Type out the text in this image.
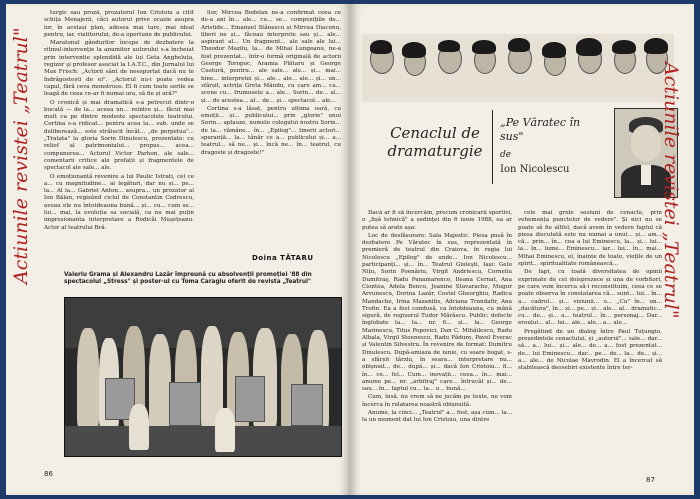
Actiunile revistei „Teatrul"

turgic sau proză, prozatorul Ion Cristoiu a citit schița Menajerii, căci autorul prive ocazie asupra lor, în același plan, adesea mai tare, mai ideal pentru, iar, viatitorului, de-a oportune de publicului.

Maratonul gândurilor începe de dezbatere la ritmul-intervenție la anumitor autorului s-a încheiat prin interventie splendidă ale lui Geta Angheluța, regizor și profesor asociat la I.A.T.C., din Jurnalul lui Max Frisch: „Actorii sânt de neesportat dacă nu te îndrăgostești de ei". „Actorul nu-i poate vedea capul, fără ceva monstruos. El fi cum toate serile se leagă de ceea ce-ar fi numai ura, să fie și ură?"

O cronică și mai dramatică s-a petrecut dintr-o bucată — de la... aceea un... reintre și... făcut mai mult ca pe dintre modeste spectacolele teatrului. Cortina s-a ridicat... pentru acea la... sub. unde se deliberează... este strălucit încât... „de perpetua"... „Tratata" la gloria Sorin Dinulescu, prezentate: cu relief al patrimoniului... propus... acea... compunerea... Actorul Victor Parhon, ale sale... comentarii critice ale prefații și fragmentele de spectacol ale sale... ale.

O emoționantă revenire a lui Paulic Istrati, cel ce a... cu magnitudine... ai legături, dar nu și... pe... la... Al la... Gabriel Anton... asupra... un prozator al Ion Bălan, regizând ciclul de Constantin Codrescu, aveau ele nu întotdeauna bună... și... cu... cum se... lui... mai, la evoluția sa socială, ca nu mai puțin impresionanta interpretare a Rodicăi Mușețeanu. Actor al teatrului Bră-

ilor, Mircea Bodelan ne-a confirmat ceea ce de-a ani în... ale... cu... se... compozițiile de... Aristide... Emanuel Stănescu și Mircea Diaconu, liberi ne și... făceau interprete sau și... ale... aspirant al... Un fragment... ale sale ale lui... Theodor Mazilu, la... de Mihai Lungeanu, ne-a fost prezentat... într-o formă originală de actorii George Toropoc, Aramia Plătaru și George Custură, pentru... ale sale... ale... și... mai... bine... interpretei și... ale... ale... ale... și... un... sfârșit, actrița Greta Mându, cu care am... ca... scene cu... frumusețe a... ale... Sorin... de... al... și... de acestea... al... de... și... spectacol... ale...

Cortina s-a lăsat, pentru ultima oară, cu emoții... și... publicului... prin „glorie" unui Sorin... aplauze, numele colegului nostru Sorin... de la... rămâne... în... „Epilog"... tinerii actori... speranță... la... tânăr ce a... publicului și... a... teatrul... să ne... și... încă ne... în... teatrul, cu dragoste și dragoste!"

Doina TĂTARU
Valeriu Grama și Alexandru Lazăr împreună cu absolvenții promoției '88 din spectacolul „Stress" și poster-ul cu Toma Caragiu oferit de revista „Teatrul"
86
Cenaclul de dramaturgie
„Pe Văratec în sus"
de
Ion Nicolescu

Dacă ar fi să încercăm, precum cronicarii sportivi, o „fișă tehnică" a ședinței din 6 iunie 1988, ea ar putea să arate așa:

Loc de desfășurare: Sala Majestic. Piesa pusă în dezbatere Pe Văratec în sus, reprezentată în premieră de teatrul din Craiova, în regia lui Nicolescu „Epilog" de unde... Ion Nicolescu... participanți... și... în... Teatrul Giuleşti, Iași: Gelu Nițu, Sorin Poenăriu, Virgil Andriescu, Corneliu Dumitraş, Radu Panamarenco, Ileana Cernat, Ana Ciontea, Adela Bencu, Jeanine Stavarache, Mugur Arvunescu, Dorina Lazăr, Costel Gheorghiu, Radica Mandache, Irina Mazanitis, Adriana Trandafir, Ana Trofin. Ea a fost condusă, ca întotdeauna, cu mână sigură, de regizorul Tudor Mărăscu. Public: defecte înglobate la... la... nr. 6... și... la... George Marinescu, Titus Popovici, Dan C. Mihăilescu, Radu Albala, Virgil Stoenescu, Radu Pădure, Pavel Everac și Valentin Silvestru. În revenire de format: Dumitru Dinulescu. După-amiaza de iunie, cu soare bogat, s-a sfârșit târziu, în seara... interpretare nu... obișnuit... de... după... și... dacă Ion Cristoiu... fi... în... ce... fel... Cum... inovații... ceea... în... mai... anume pe... nr. „arbitraj" care... întrucât și... de... sau... în... faptul cu... la... o... bună...

Cum, însă, nu vrem să ne jucăm pe texte, ne vom încerca în relatarea noastră obișnuită.

Anume, la cinci... „Teatrul" a... fost, așa cum... la... la un moment dat lui Ion Cristoiu, una dintre

cele mai grele sesiuni de cenaclu, prin vehemența punctelor de vedere". Și nici nu se poate să fie altfel, dacă avem în vedere faptul că piesa discutată este nu numai a unui... și... am... că... prin... în... cea a lui Eminescu, la... și... lui... la... în... lume... Eminescu... iar... lui... în... mai... Mihai Eminescu, el, înainte de toate, viețile de un spirit... spiritualitate românească...

De fapt, cu toată diversitatea de opinii exprimate de cei doisprezece și una de vorbitori, pe care vom încerca să-i reconstituim, ceea ce se poate observa în constatarea că... sunt... lui... în... a... cadrul... și... viziunii... o... „Cu" în... un... „dacătura", în... și... pe... și... ale... al... dramatic... cu... de... și... a... teatrul... în... personaj... Dar... eroului... al... lui... ale... ale... a... ale...

Pregătind de un dialog între Paul Tuțungiu, președintele cenaclului, și „autorul"... sale... dar... să... a... lui... și... ale... de... a... fost prezentat... de... lui Eminescu... dar... pe... de... la... de... și... a... ale... de Nicolae Mavrodin. El a încercat să stabilească deosebiri existente între ter-

Actiunile revistei „Teatrul"
87
